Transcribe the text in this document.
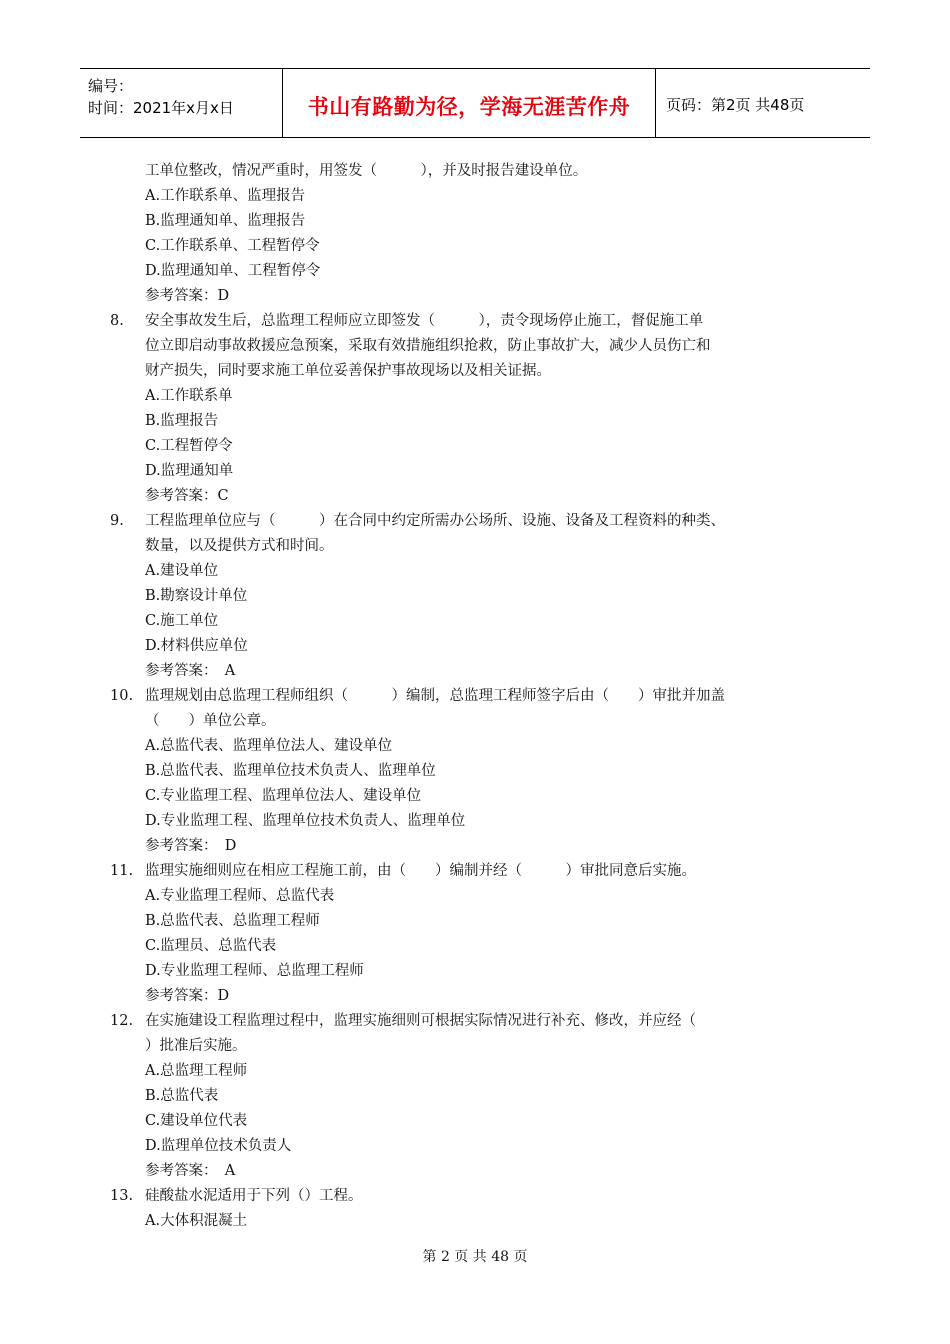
编号：
时间：2021年x月x日	书山有路勤为径，学海无涯苦作舟	页码：第2页 共48页
工单位整改，情况严重时，用签发（　　　），并及时报告建设单位。
A.工作联系单、监理报告
B.监理通知单、监理报告
C.工作联系单、工程暂停令
D.监理通知单、工程暂停令
参考答案：D
8. 安全事故发生后，总监理工程师应立即签发（　　　），责令现场停止施工，督促施工单
位立即启动事故救援应急预案，采取有效措施组织抢救，防止事故扩大，减少人员伤亡和
财产损失，同时要求施工单位妥善保护事故现场以及相关证据。
A.工作联系单
B.监理报告
C.工程暂停令
D.监理通知单
参考答案：C
9. 工程监理单位应与（　　　）在合同中约定所需办公场所、设施、设备及工程资料的种类、
数量，以及提供方式和时间。
A.建设单位
B.勘察设计单位
C.施工单位
D.材料供应单位
参考答案：　A
10. 监理规划由总监理工程师组织（　　　）编制，总监理工程师签字后由（　　）审批并加盖
（　　）单位公章。
A.总监代表、监理单位法人、建设单位
B.总监代表、监理单位技术负责人、监理单位
C.专业监理工程、监理单位法人、建设单位
D.专业监理工程、监理单位技术负责人、监理单位
参考答案：　D
11. 监理实施细则应在相应工程施工前，由（　　）编制并经（　　　）审批同意后实施。
A.专业监理工程师、总监代表
B.总监代表、总监理工程师
C.监理员、总监代表
D.专业监理工程师、总监理工程师
参考答案：D
12. 在实施建设工程监理过程中，监理实施细则可根据实际情况进行补充、修改，并应经（
）批准后实施。
A.总监理工程师
B.总监代表
C.建设单位代表
D.监理单位技术负责人
参考答案：　A
13. 硅酸盐水泥适用于下列（）工程。
A.大体积混凝土
第 2 页 共 48 页
